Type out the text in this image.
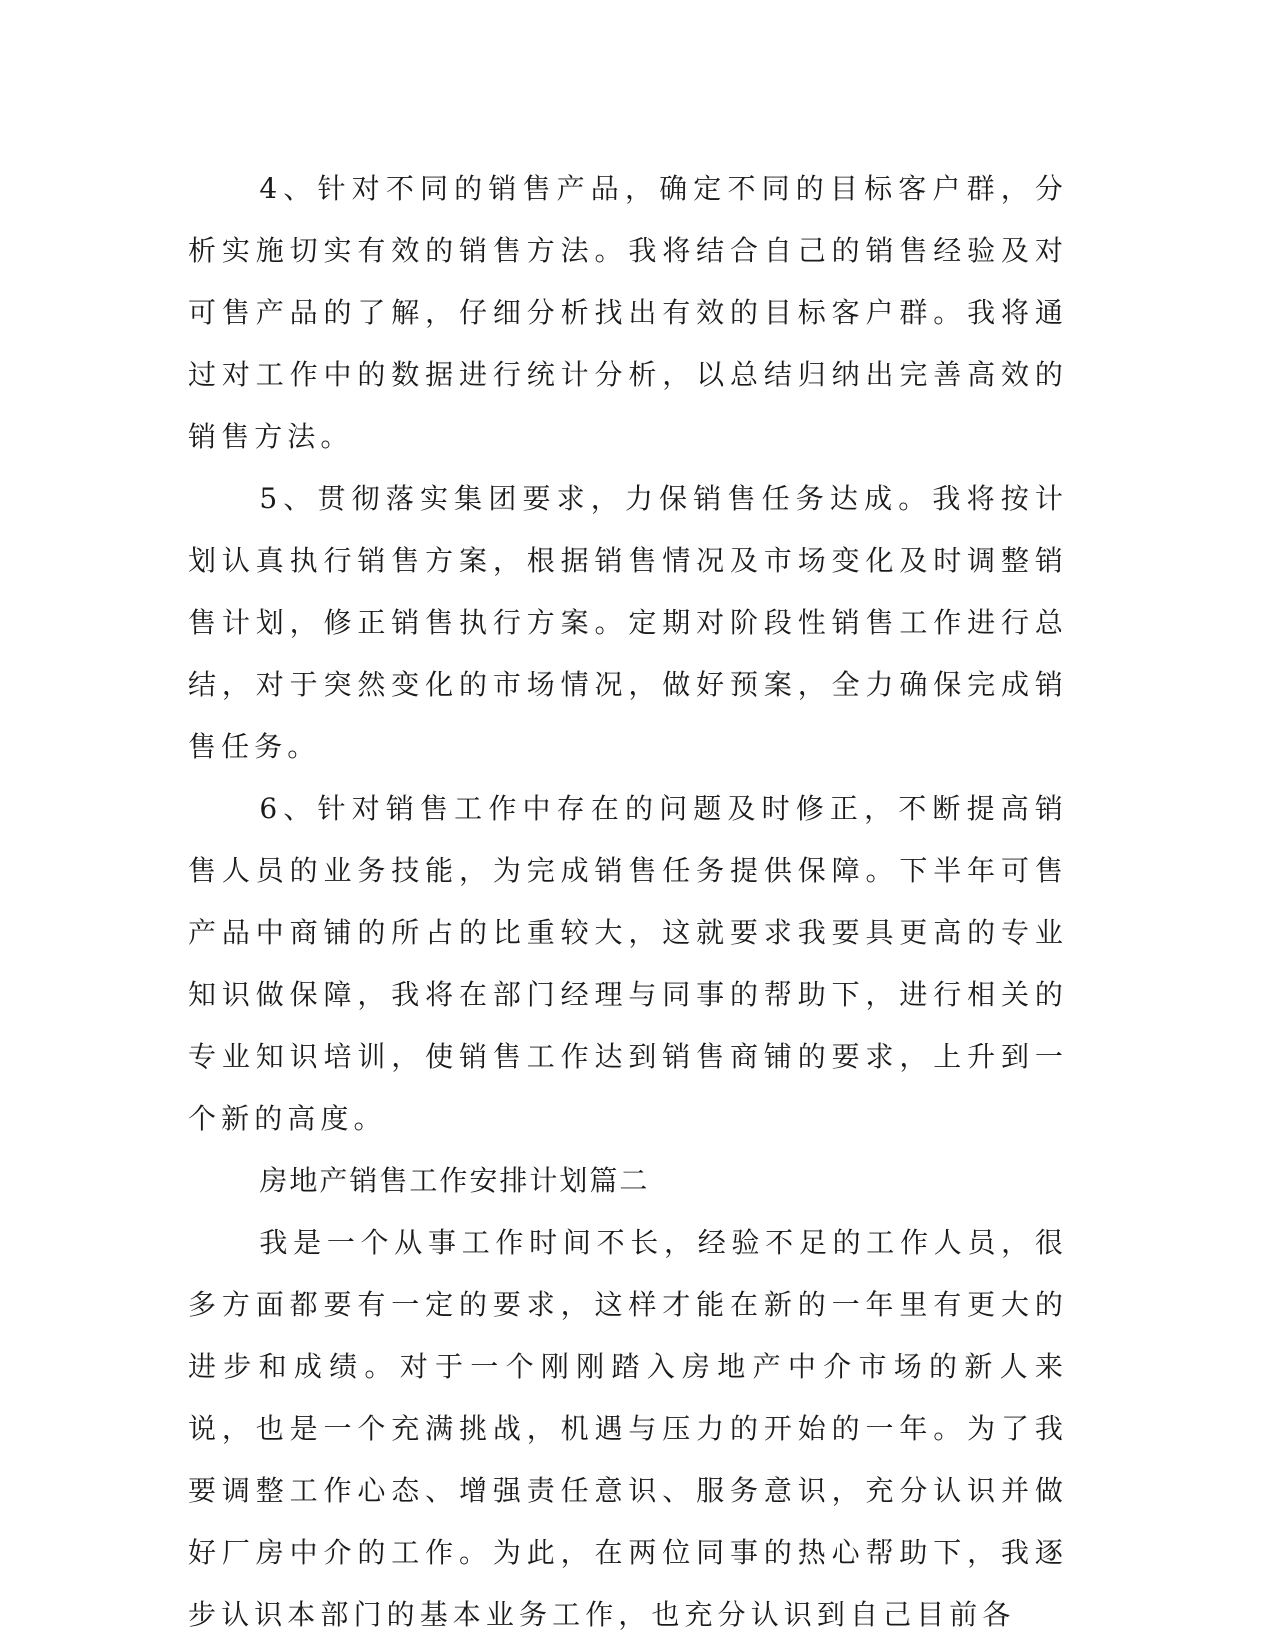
4、针对不同的销售产品，确定不同的目标客户群，分析实施切实有效的销售方法。我将结合自己的销售经验及对可售产品的了解，仔细分析找出有效的目标客户群。我将通过对工作中的数据进行统计分析，以总结归纳出完善高效的销售方法。

5、贯彻落实集团要求，力保销售任务达成。我将按计划认真执行销售方案，根据销售情况及市场变化及时调整销售计划，修正销售执行方案。定期对阶段性销售工作进行总结，对于突然变化的市场情况，做好预案，全力确保完成销售任务。

6、针对销售工作中存在的问题及时修正，不断提高销售人员的业务技能，为完成销售任务提供保障。下半年可售产品中商铺的所占的比重较大，这就要求我要具更高的专业知识做保障，我将在部门经理与同事的帮助下，进行相关的专业知识培训，使销售工作达到销售商铺的要求，上升到一个新的高度。

房地产销售工作安排计划篇二

我是一个从事工作时间不长，经验不足的工作人员，很多方面都要有一定的要求，这样才能在新的一年里有更大的进步和成绩。对于一个刚刚踏入房地产中介市场的新人来说，也是一个充满挑战，机遇与压力的开始的一年。为了我要调整工作心态、增强责任意识、服务意识，充分认识并做好厂房中介的工作。为此，在两位同事的热心帮助下，我逐步认识本部门的基本业务工作，也充分认识到自己目前各
